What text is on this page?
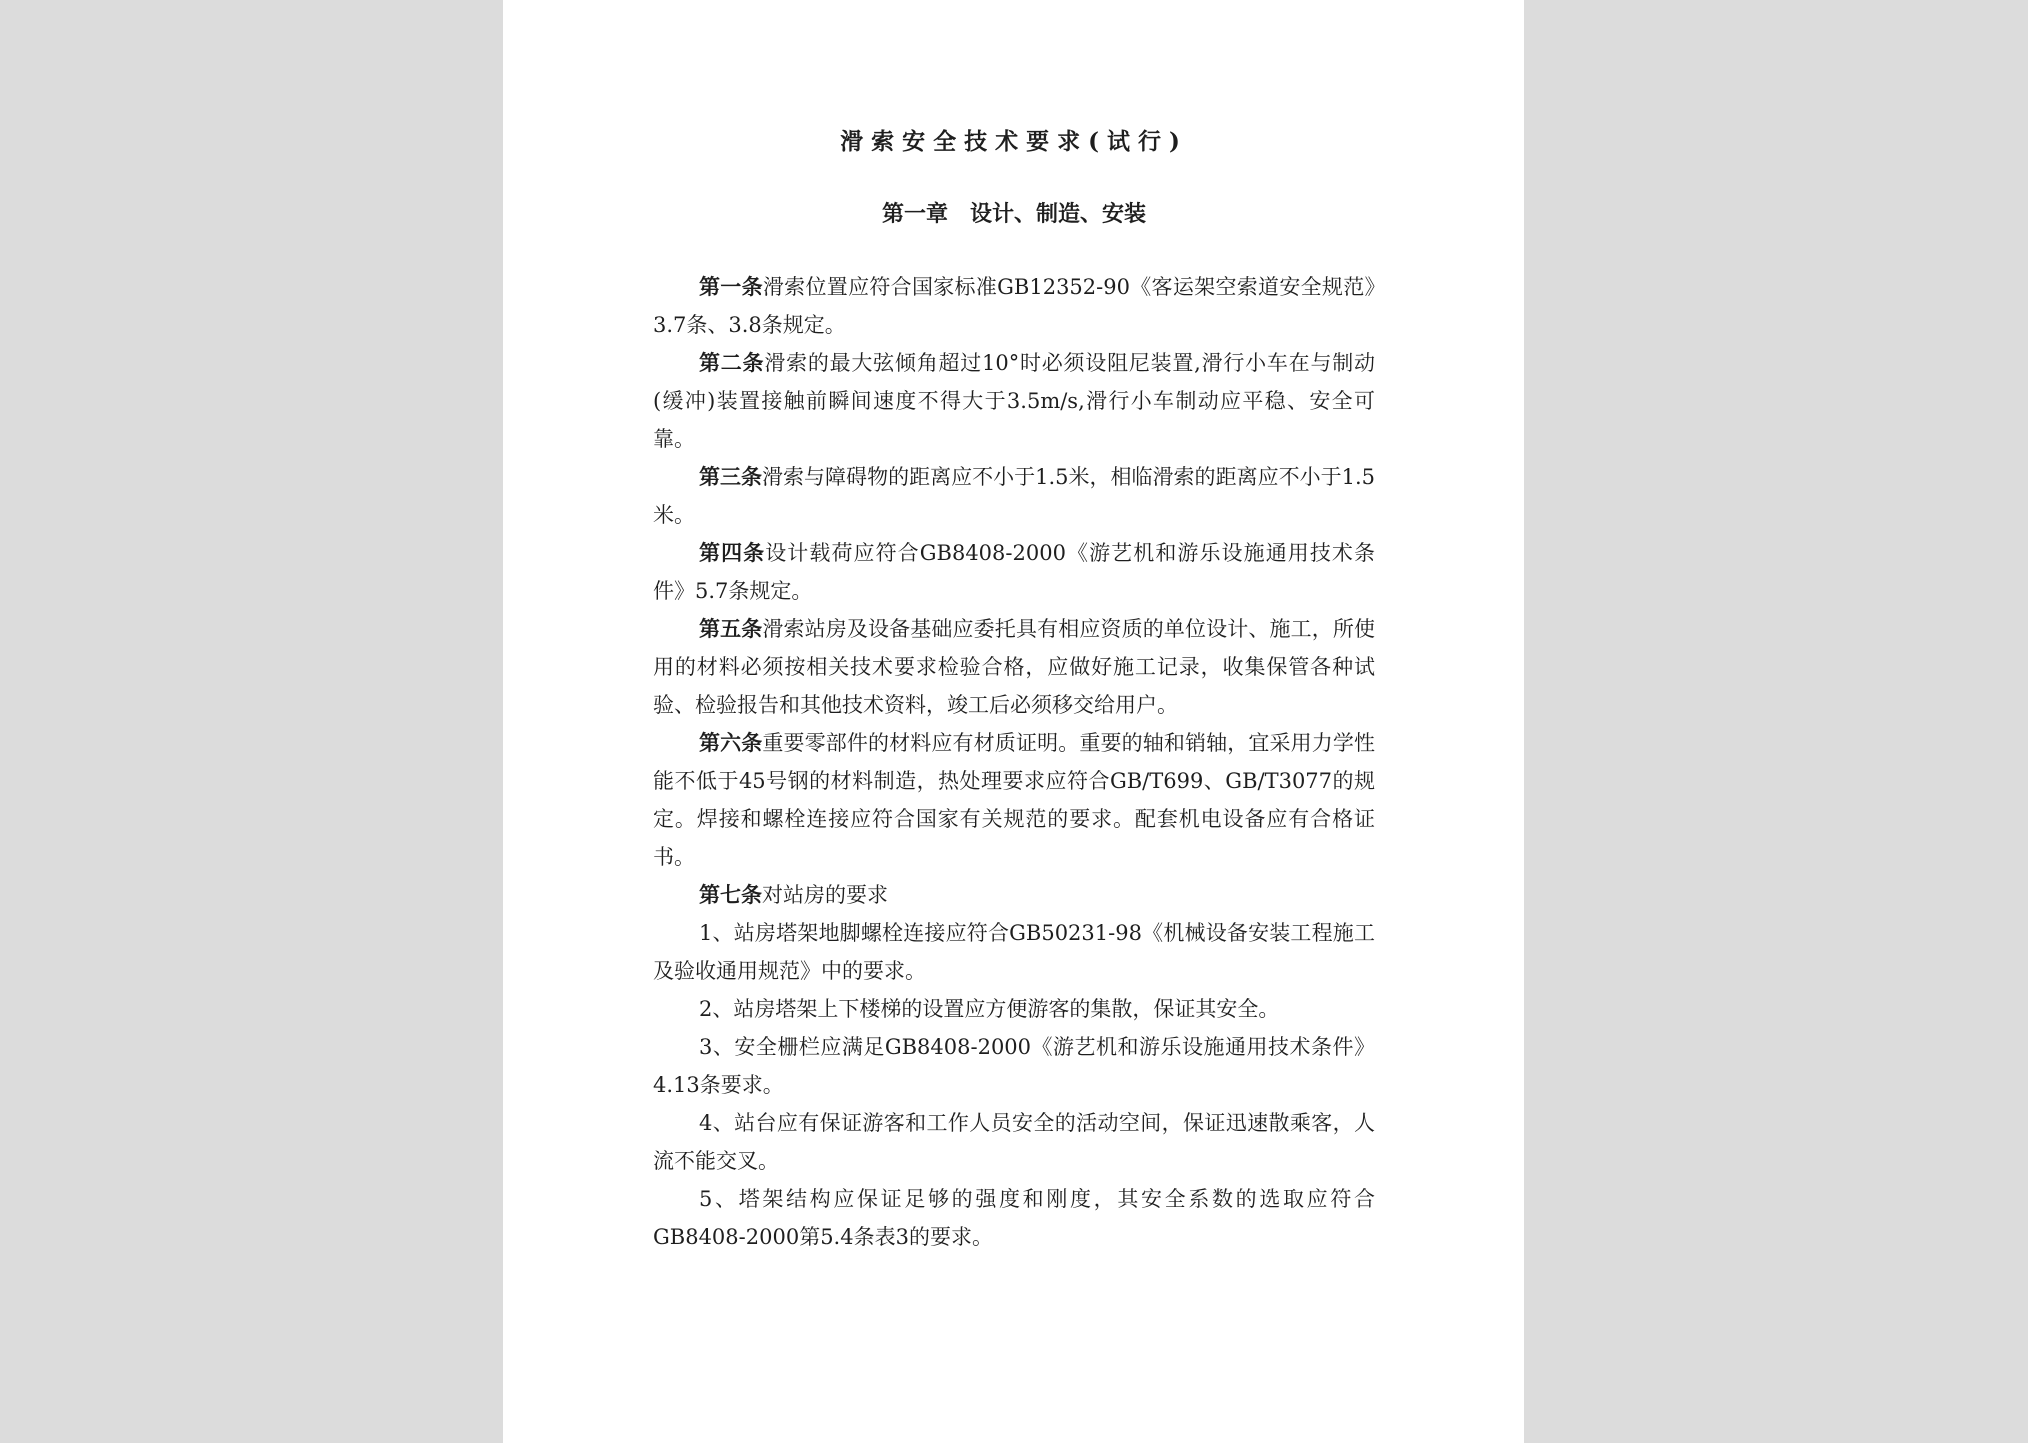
滑索安全技术要求(试行)
第一章　设计、制造、安装

第一条滑索位置应符合国家标准GB12352-90《客运架空索道安全规范》3.7条、3.8条规定。

第二条滑索的最大弦倾角超过10°时必须设阻尼装置,滑行小车在与制动(缓冲)装置接触前瞬间速度不得大于3.5m/s,滑行小车制动应平稳、安全可靠。

第三条滑索与障碍物的距离应不小于1.5米，相临滑索的距离应不小于1.5米。

第四条设计载荷应符合GB8408-2000《游艺机和游乐设施通用技术条件》5.7条规定。

第五条滑索站房及设备基础应委托具有相应资质的单位设计、施工，所使用的材料必须按相关技术要求检验合格，应做好施工记录，收集保管各种试验、检验报告和其他技术资料，竣工后必须移交给用户。

第六条重要零部件的材料应有材质证明。重要的轴和销轴，宜采用力学性能不低于45号钢的材料制造，热处理要求应符合GB/T699、GB/T3077的规定。焊接和螺栓连接应符合国家有关规范的要求。配套机电设备应有合格证书。

第七条对站房的要求

1、站房塔架地脚螺栓连接应符合GB50231-98《机械设备安装工程施工及验收通用规范》中的要求。

2、站房塔架上下楼梯的设置应方便游客的集散，保证其安全。

3、安全栅栏应满足GB8408-2000《游艺机和游乐设施通用技术条件》4.13条要求。

4、站台应有保证游客和工作人员安全的活动空间，保证迅速散乘客，人流不能交叉。

5、塔架结构应保证足够的强度和刚度，其安全系数的选取应符合GB8408-2000第5.4条表3的要求。
